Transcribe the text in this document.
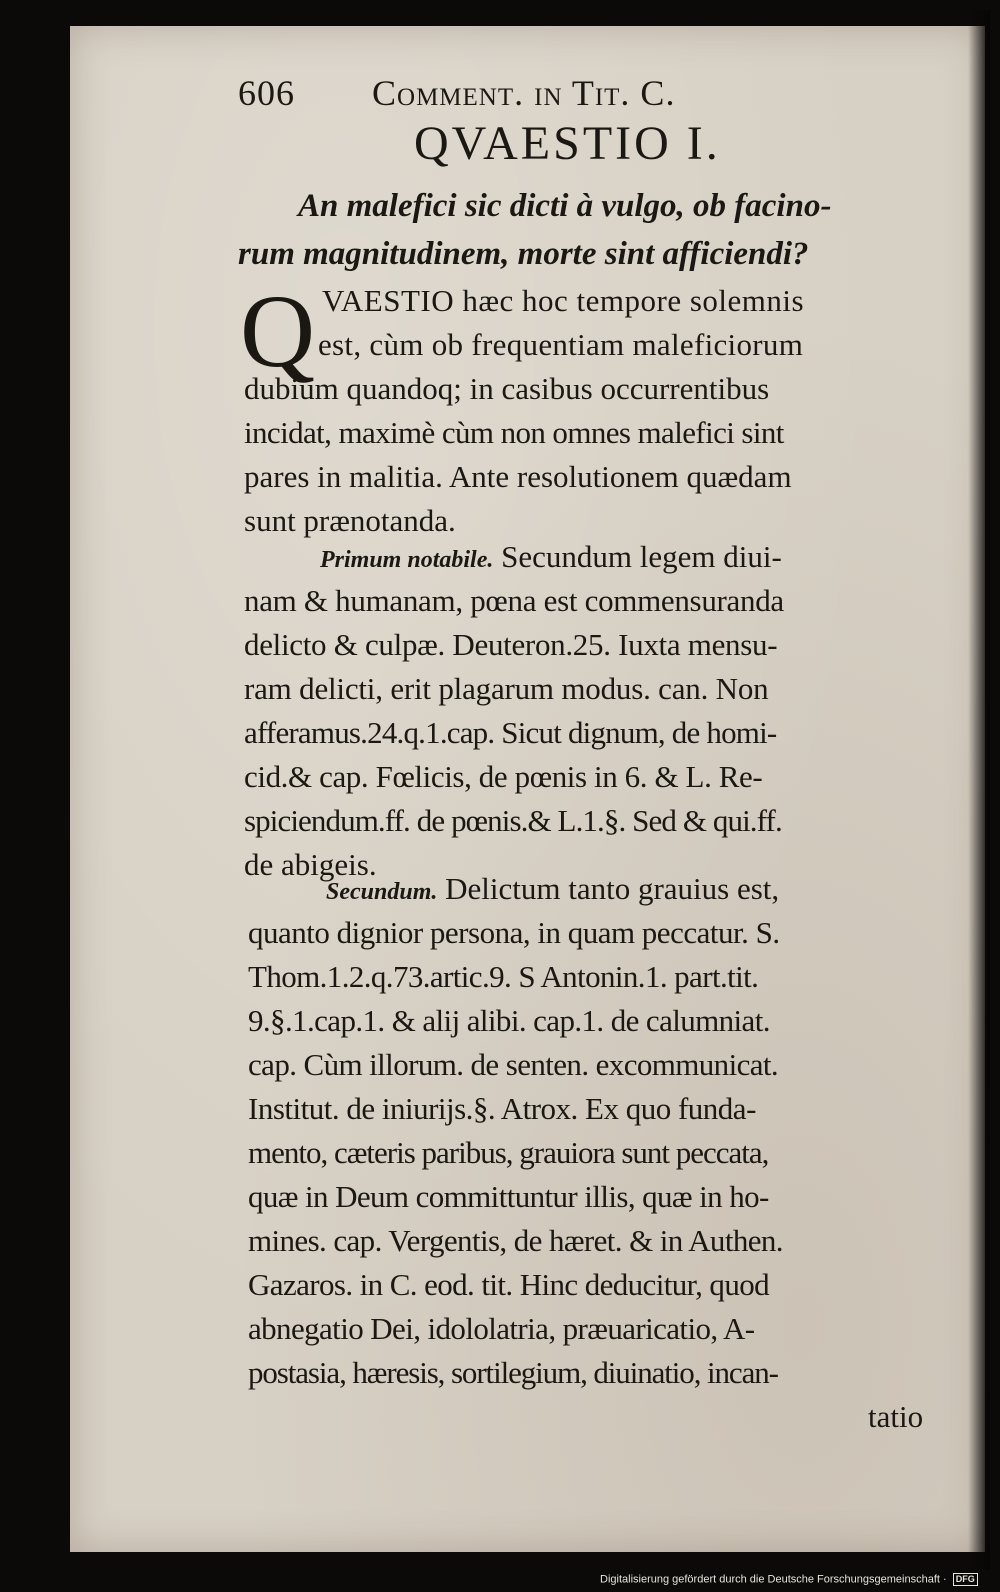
606 Comment. in Tit. C.
QVAESTIO I.
An malefici sic dicti à vulgo, ob facino-
rum magnitudinem, morte sint afficiendi?
Q VAESTIO hæc hoc tempore solemnis
est, cùm ob frequentiam maleficiorum
dubium quandoq; in casibus occurrentibus
incidat, maximè cùm non omnes malefici sint
pares in malitia. Ante resolutionem quædam
sunt prænotanda.
Primum notabile. Secundum legem diui-
nam & humanam, pœna est commensuranda
delicto & culpæ. Deuteron.25. Iuxta mensu-
ram delicti, erit plagarum modus. can. Non
afferamus.24.q.1.cap. Sicut dignum, de homi-
cid.& cap. Fœlicis, de pœnis in 6. & L. Re-
spiciendum.ff. de pœnis.& L.1.§. Sed & qui.ff.
de abigeis.
Secundum. Delictum tanto grauius est,
quanto dignior persona, in quam peccatur. S.
Thom.1.2.q.73.artic.9. S Antonin.1. part.tit.
9.§.1.cap.1. & alij alibi. cap.1. de calumniat.
cap. Cùm illorum. de senten. excommunicat.
Institut. de iniurijs.§. Atrox. Ex quo funda-
mento, cæteris paribus, grauiora sunt peccata,
quæ in Deum committuntur illis, quæ in ho-
mines. cap. Vergentis, de hæret. & in Authen.
Gazaros. in C. eod. tit. Hinc deducitur, quod
abnegatio Dei, idololatria, præuaricatio, A-
postasia, hæresis, sortilegium, diuinatio, incan-
tatio
Digitalisierung gefördert durch die Deutsche Forschungsgemeinschaft · DFG
